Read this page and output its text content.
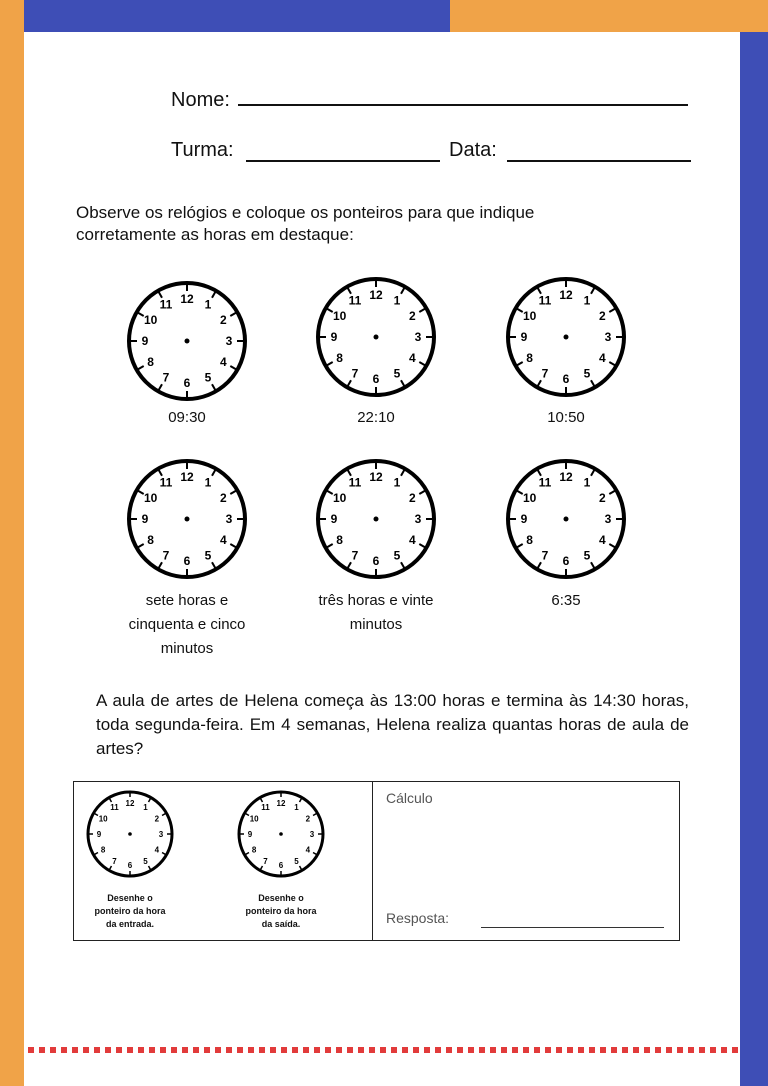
Nome:
Turma:	Data:
Observe os relógios e coloque os ponteiros para que indique corretamente as horas em destaque:
12 1
2
3
4
5
6
7
8
9
10
11
12 1
2
3
4
5
6
7
8
9
10
11	12 1
2
3
4
5
6
7
8
9
10
11
12 1
2
3
4
5
6
7
8
9
10
11	12 1
2
3
4
5
6
7
8
9
10
11	12 1
2
3
4
5
6
7
8
9
10
11
09:30	22:10	10:50
sete horas e
cinquenta e cinco
minutos
três horas e vinte
minutos
6:35
A aula de artes de Helena começa às 13:00 horas e termina às 14:30 horas, toda segunda-feira. Em 4 semanas, Helena realiza quantas horas de aula de artes?
12 1
2
3
4
5
6
7
8
9
10
11	12 1
2
3
4
5
6
7
8
9
10
11
Desenhe o
ponteiro da hora
da entrada.
Desenhe o
ponteiro da hora
da saída.
Cálculo
Resposta:
